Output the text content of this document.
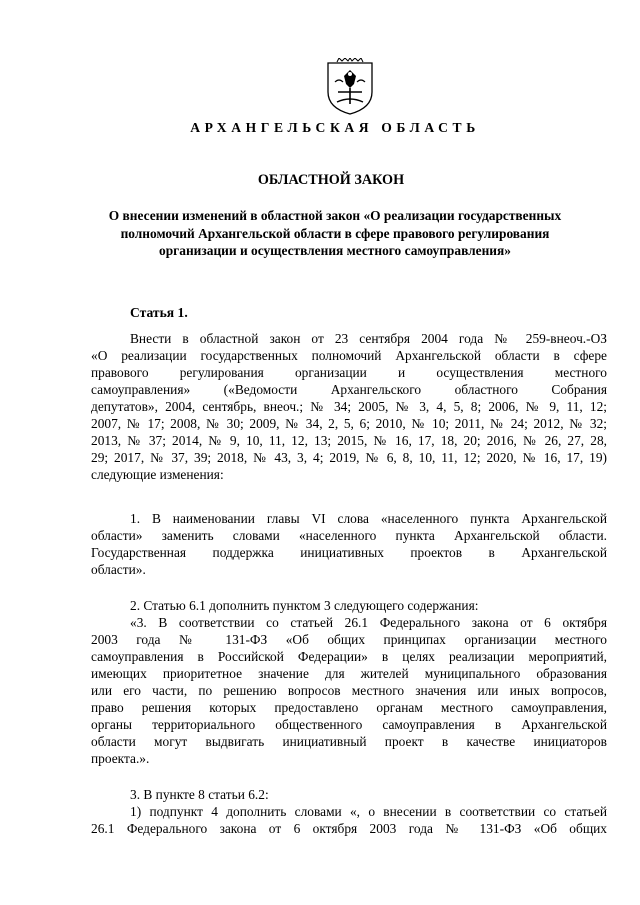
АРХАНГЕЛЬСКАЯ ОБЛАСТЬ
ОБЛАСТНОЙ ЗАКОН
О внесении изменений в областной закон «О реализации государственных
полномочий Архангельской области в сфере правового регулирования
организации и осуществления местного самоуправления»
Статья 1.
Внести в областной закон от 23 сентября 2004 года № 259-внеоч.-ОЗ
«О реализации государственных полномочий Архангельской области в сфере
правового регулирования организации и осуществления местного
самоуправления» («Ведомости Архангельского областного Собрания
депутатов», 2004, сентябрь, внеоч.; № 34; 2005, № 3, 4, 5, 8; 2006, № 9, 11, 12;
2007, № 17; 2008, № 30; 2009, № 34, 2, 5, 6; 2010, № 10; 2011, № 24; 2012, № 32;
2013, № 37; 2014, № 9, 10, 11, 12, 13; 2015, № 16, 17, 18, 20; 2016, № 26, 27, 28,
29; 2017, № 37, 39; 2018, № 43, 3, 4; 2019, № 6, 8, 10, 11, 12; 2020, № 16, 17, 19)
следующие изменения:
1. В наименовании главы VI слова «населенного пункта Архангельской
области» заменить словами «населенного пункта Архангельской области.
Государственная поддержка инициативных проектов в Архангельской
области».
2. Статью 6.1 дополнить пунктом 3 следующего содержания:
«3. В соответствии со статьей 26.1 Федерального закона от 6 октября
2003 года № 131-ФЗ «Об общих принципах организации местного
самоуправления в Российской Федерации» в целях реализации мероприятий,
имеющих приоритетное значение для жителей муниципального образования
или его части, по решению вопросов местного значения или иных вопросов,
право решения которых предоставлено органам местного самоуправления,
органы территориального общественного самоуправления в Архангельской
области могут выдвигать инициативный проект в качестве инициаторов
проекта.».
3. В пункте 8 статьи 6.2:
1) подпункт 4 дополнить словами «, о внесении в соответствии со статьей
26.1 Федерального закона от 6 октября 2003 года № 131-ФЗ «Об общих
